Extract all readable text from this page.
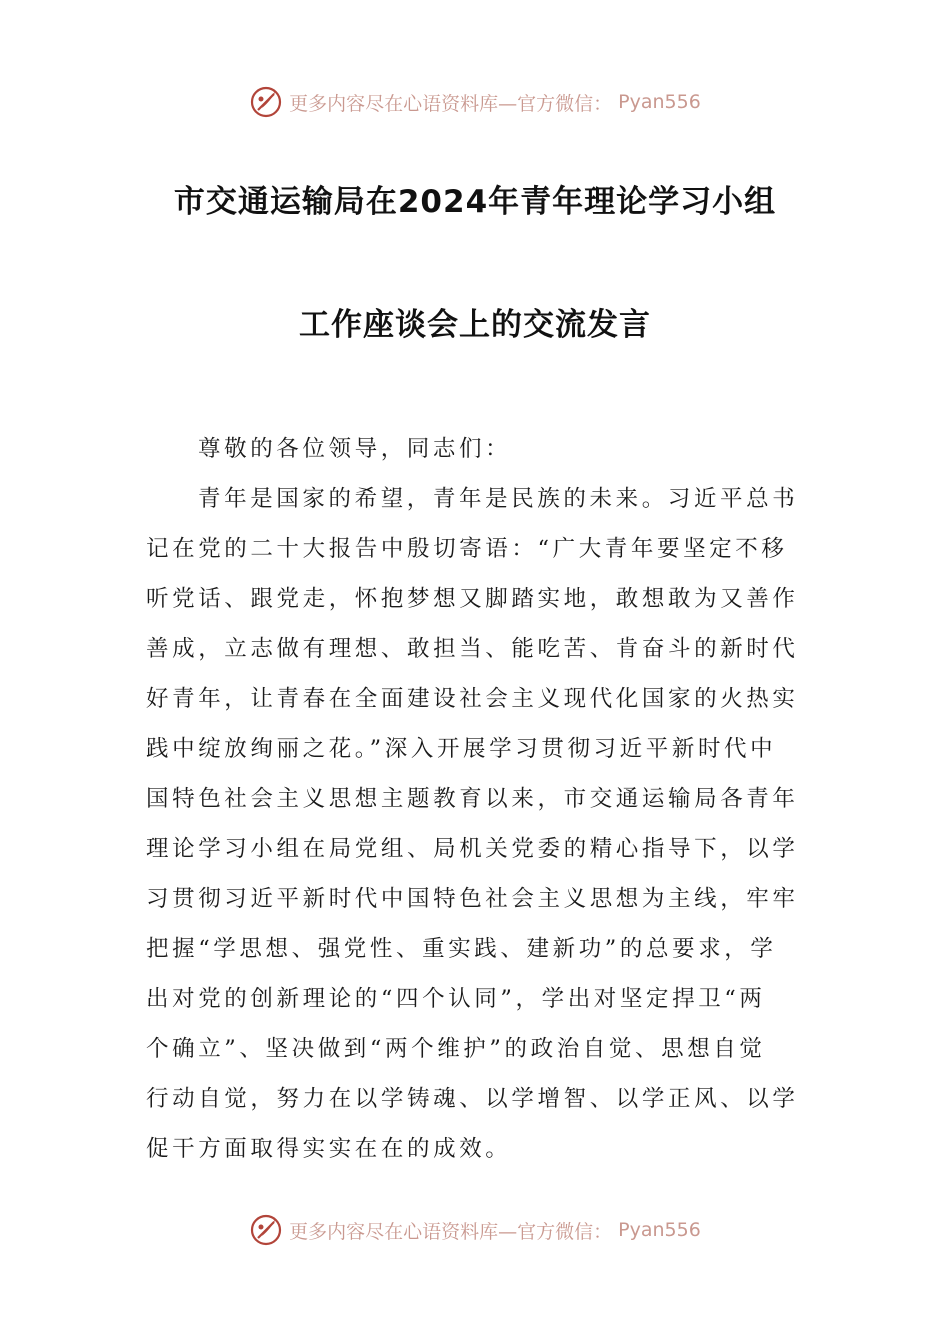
更多内容尽在心语资料库—官方微信： Pyan556
市交通运输局在2024年青年理论学习小组
工作座谈会上的交流发言
尊敬的各位领导，同志们：
青年是国家的希望，青年是民族的未来。习近平总书
记在党的二十大报告中殷切寄语：“广大青年要坚定不移
听党话、跟党走，怀抱梦想又脚踏实地，敢想敢为又善作
善成，立志做有理想、敢担当、能吃苦、肯奋斗的新时代
好青年，让青春在全面建设社会主义现代化国家的火热实
践中绽放绚丽之花。”深入开展学习贯彻习近平新时代中
国特色社会主义思想主题教育以来，市交通运输局各青年
理论学习小组在局党组、局机关党委的精心指导下，以学
习贯彻习近平新时代中国特色社会主义思想为主线，牢牢
把握“学思想、强党性、重实践、建新功”的总要求，学
出对党的创新理论的“四个认同”，学出对坚定捍卫“两
个确立”、坚决做到“两个维护”的政治自觉、思想自觉
行动自觉，努力在以学铸魂、以学增智、以学正风、以学
促干方面取得实实在在的成效。
更多内容尽在心语资料库—官方微信： Pyan556
